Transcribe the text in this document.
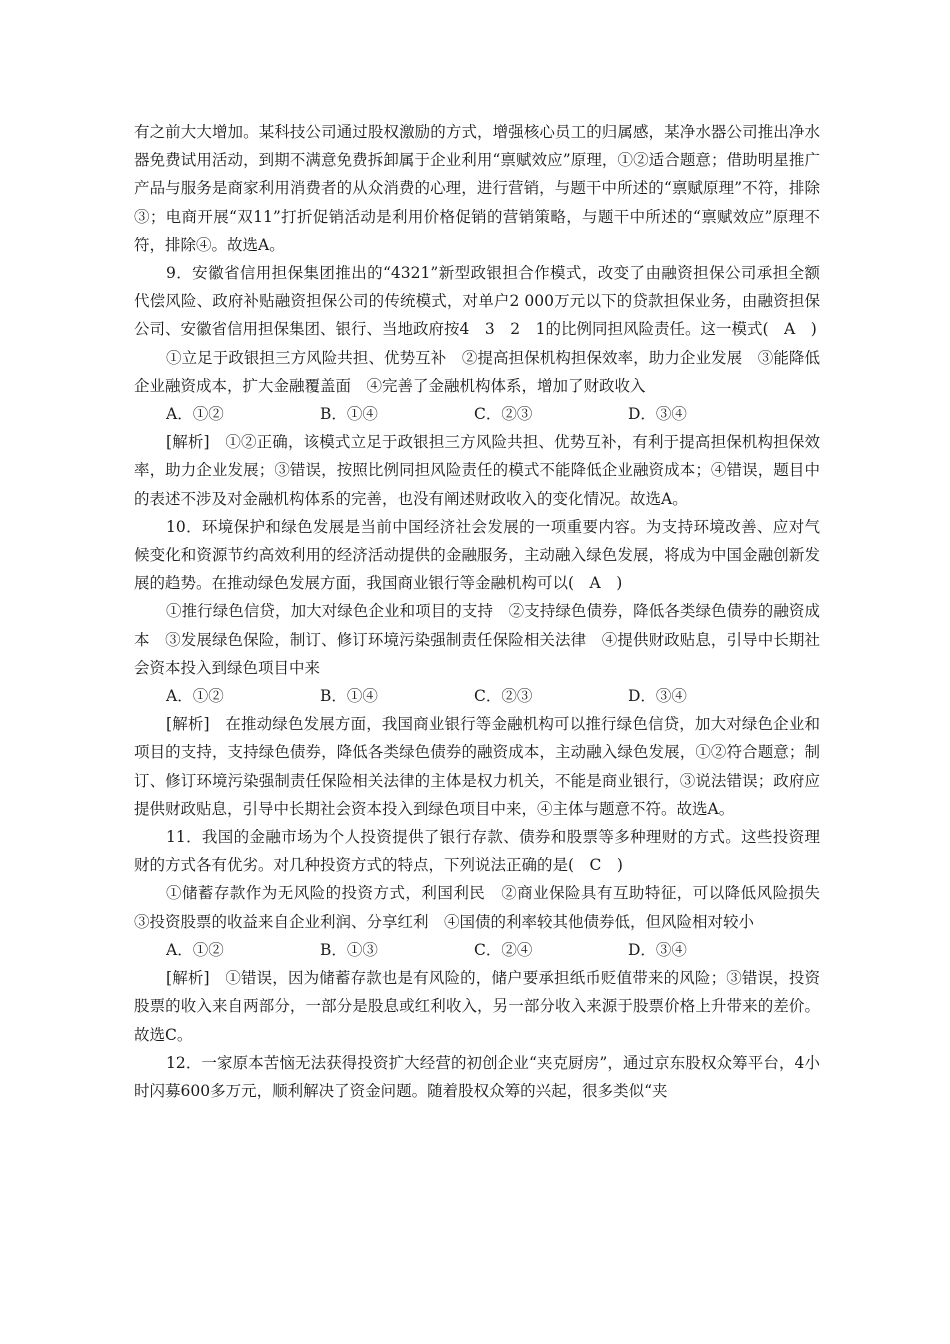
有之前大大增加。某科技公司通过股权激励的方式，增强核心员工的归属感，某净水器公司推出净水器免费试用活动，到期不满意免费拆卸属于企业利用“禀赋效应”原理，①②适合题意；借助明星推广产品与服务是商家利用消费者的从众消费的心理，进行营销，与题干中所述的“禀赋原理”不符，排除③；电商开展“双11”打折促销活动是利用价格促销的营销策略，与题干中所述的“禀赋效应”原理不符，排除④。故选A。

9．安徽省信用担保集团推出的“4321”新型政银担合作模式，改变了由融资担保公司承担全额代偿风险、政府补贴融资担保公司的传统模式，对单户2 000万元以下的贷款担保业务，由融资担保公司、安徽省信用担保集团、银行、当地政府按4　3　2　1的比例同担风险责任。这一模式(　A　)

①立足于政银担三方风险共担、优势互补　②提高担保机构担保效率，助力企业发展　③能降低企业融资成本，扩大金融覆盖面　④完善了金融机构体系，增加了财政收入

A．①②	B．①④	C．②③	D．③④

[解析]　①②正确，该模式立足于政银担三方风险共担、优势互补，有利于提高担保机构担保效率，助力企业发展；③错误，按照比例同担风险责任的模式不能降低企业融资成本；④错误，题目中的表述不涉及对金融机构体系的完善，也没有阐述财政收入的变化情况。故选A。

10．环境保护和绿色发展是当前中国经济社会发展的一项重要内容。为支持环境改善、应对气候变化和资源节约高效利用的经济活动提供的金融服务，主动融入绿色发展，将成为中国金融创新发展的趋势。在推动绿色发展方面，我国商业银行等金融机构可以(　A　)

①推行绿色信贷，加大对绿色企业和项目的支持　②支持绿色债券，降低各类绿色债券的融资成本　③发展绿色保险，制订、修订环境污染强制责任保险相关法律　④提供财政贴息，引导中长期社会资本投入到绿色项目中来

A．①②	B．①④	C．②③	D．③④

[解析]　在推动绿色发展方面，我国商业银行等金融机构可以推行绿色信贷，加大对绿色企业和项目的支持，支持绿色债券，降低各类绿色债券的融资成本，主动融入绿色发展，①②符合题意；制订、修订环境污染强制责任保险相关法律的主体是权力机关，不能是商业银行，③说法错误；政府应提供财政贴息，引导中长期社会资本投入到绿色项目中来，④主体与题意不符。故选A。

11．我国的金融市场为个人投资提供了银行存款、债券和股票等多种理财的方式。这些投资理财的方式各有优劣。对几种投资方式的特点，下列说法正确的是(　C　)

①储蓄存款作为无风险的投资方式，利国利民　②商业保险具有互助特征，可以降低风险损失　③投资股票的收益来自企业利润、分享红利　④国债的利率较其他债券低，但风险相对较小

A．①②	B．①③	C．②④	D．③④

[解析]　①错误，因为储蓄存款也是有风险的，储户要承担纸币贬值带来的风险；③错误，投资股票的收入来自两部分，一部分是股息或红利收入，另一部分收入来源于股票价格上升带来的差价。故选C。

12．一家原本苦恼无法获得投资扩大经营的初创企业“夹克厨房”，通过京东股权众筹平台，4小时闪募600多万元，顺利解决了资金问题。随着股权众筹的兴起，很多类似“夹
